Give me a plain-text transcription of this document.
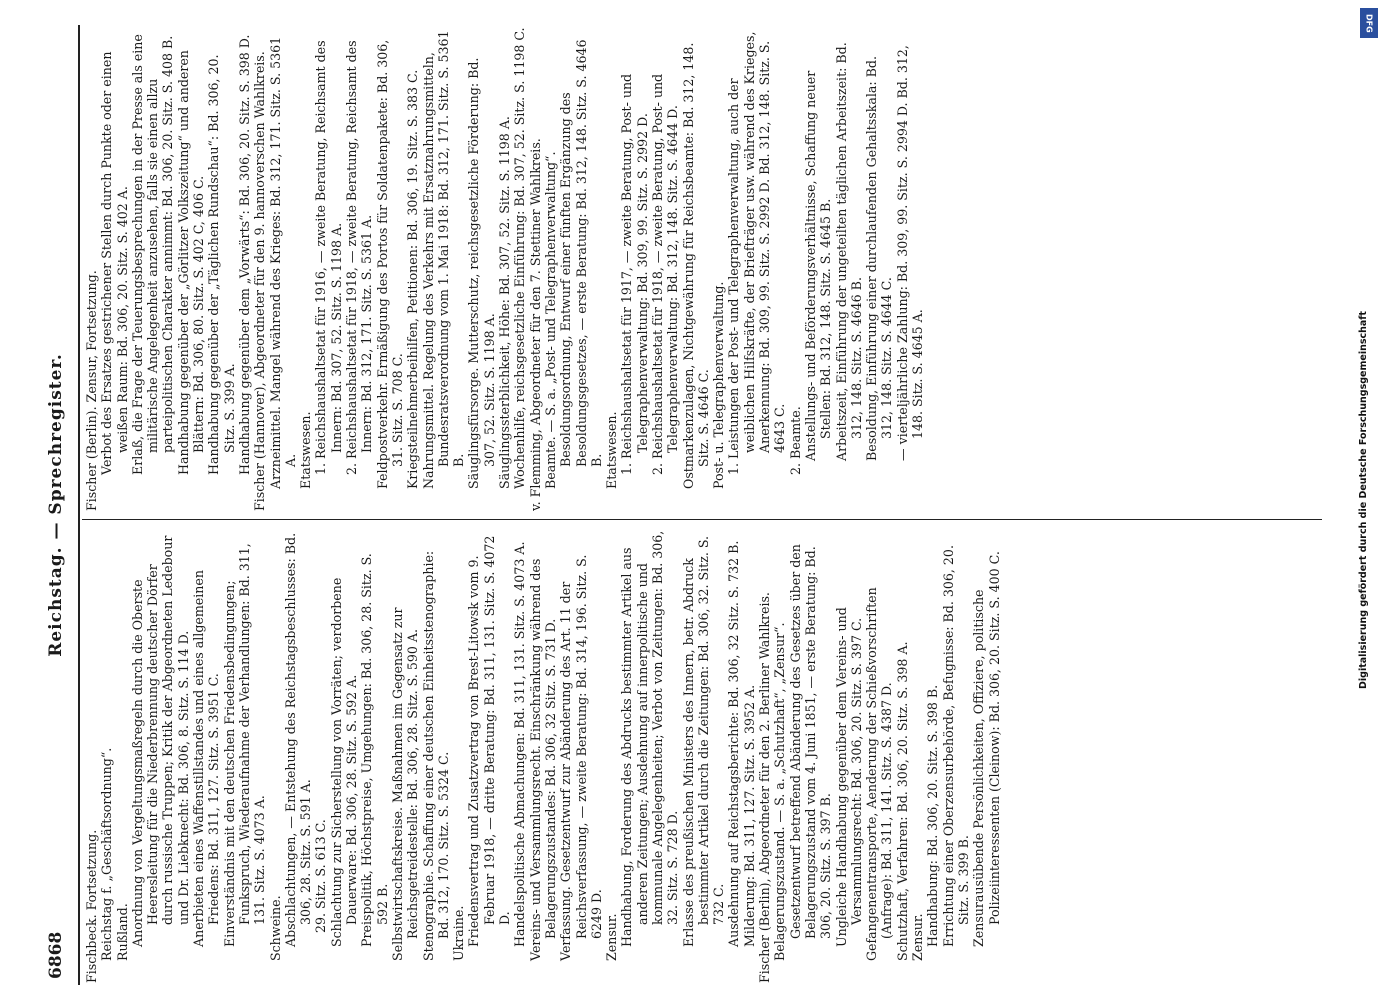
6868
Reichstag. — Sprechregister.

Fischbeck. Fortsetzung. Reichstag f. „Geschäftsordnung“. Rußland. Anordnung von Vergeltungsmaßregeln durch die Oberste Heeresleitung für die Niederbrennung deutscher Dörfer durch russische Truppen; Kritik der Abgeordneten Ledebour und Dr. Liebknecht: Bd. 306, 8. Sitz. S. 114 D. Anerbieten eines Waffenstillstandes und eines allgemeinen Friedens: Bd. 311, 127. Sitz. S. 3951 C. Einverständnis mit den deutschen Friedensbedingungen; Funkspruch, Wiederaufnahme der Verhandlungen: Bd. 311, 131. Sitz. S. 4073 A.

Schweine. Abschlachtungen, — Entstehung des Reichstagsbeschlusses: Bd. 306, 28. Sitz. S. 591 A. 29. Sitz. S. 613 C. Schlachtung zur Sicherstellung von Vorräten; verdorbene Dauerware: Bd. 306, 28. Sitz. S. 592 A. Preispolitik, Höchstpreise, Umgehungen: Bd. 306, 28. Sitz. S. 592 B. Selbstwirtschaftskreise. Maßnahmen im Gegensatz zur Reichsgetreidestelle: Bd. 306, 28. Sitz. S. 590 A. Stenographie. Schaffung einer deutschen Einheitsstenographie: Bd. 312, 170. Sitz. S. 5324 C. Ukraine. Friedensvertrag und Zusatzvertrag von Brest-Litowsk vom 9. Februar 1918, — dritte Beratung: Bd. 311, 131. Sitz. S. 4072 D. Handelspolitische Abmachungen: Bd. 311, 131. Sitz. S. 4073 A. Vereins- und Versammlungsrecht. Einschränkung während des Belagerungszustandes: Bd. 306, 32 Sitz. S. 731 D. Verfassung. Gesetzentwurf zur Abänderung des Art. 11 der Reichsverfassung, — zweite Beratung: Bd. 314, 196. Sitz. S. 6249 D. Zensur. Handhabung, Forderung des Abdrucks bestimmter Artikel aus anderen Zeitungen; Ausdehnung auf innerpolitische und kommunale Angelegenheiten; Verbot von Zeitungen: Bd. 306, 32. Sitz. S. 728 D. Erlasse des preußischen Ministers des Innern, betr. Abdruck bestimmter Artikel durch die Zeitungen: Bd. 306, 32. Sitz. S. 732 C. Ausdehnung auf Reichstagsberichte: Bd. 306, 32 Sitz. S. 732 B. Milderung: Bd. 311, 127. Sitz. S. 3952 A. Fischer (Berlin), Abgeordneter für den 2. Berliner Wahlkreis. Belagerungszustand. — S. a. „Schutzhaft“, „Zensur“. Gesetzentwurf betreffend Abänderung des Gesetzes über den Belagerungszustand vom 4. Juni 1851, — erste Beratung: Bd. 306, 20. Sitz. S. 397 B. Ungleiche Handhabung gegenüber dem Vereins- und Versammlungsrecht: Bd. 306, 20. Sitz. S. 397 C. Gefangenentransporte, Aenderung der Schießvorschriften (Anfrage): Bd. 311, 141. Sitz. S. 4387 D. Schutzhaft, Verfahren: Bd. 306, 20. Sitz. S. 398 A. Zensur. Handhabung: Bd. 306, 20. Sitz. S. 398 B. Errichtung einer Oberzensurbehörde, Befugnisse: Bd. 306, 20. Sitz. S. 399 B. Zensurausübende Persönlichkeiten, Offiziere, politische Polizeiinteressenten (Cleinow): Bd. 306, 20. Sitz. S. 400 C.

Fischer (Berlin). Zensur, Fortsetzung. Verbot des Ersatzes gestrichener Stellen durch Punkte oder einen weißen Raum: Bd. 306, 20. Sitz. S. 402 A. Erlaß, die Frage der Teuerungsbesprechungen in der Presse als eine militärische Angelegenheit anzusehen, falls sie einen allzu parteipolitischen Charakter annimmt: Bd. 306, 20. Sitz. S. 408 B. Handhabung gegenüber der „Görlitzer Volkszeitung“ und anderen Blättern: Bd. 306, 80. Sitz. S. 402 C, 406 C. Handhabung gegenüber der „Täglichen Rundschau“: Bd. 306, 20. Sitz. S. 399 A. Handhabung gegenüber dem „Vorwärts“: Bd. 306, 20. Sitz. S. 398 D. Fischer (Hannover), Abgeordneter für den 9. hannoverschen Wahlkreis. Arzneimittel. Mangel während des Krieges: Bd. 312, 171. Sitz. S. 5361 A. Etatswesen. 1. Reichshaushaltsetat für 1916, — zweite Beratung, Reichsamt des Innern: Bd. 307, 52. Sitz. S. 1198 A. 2. Reichshaushaltsetat für 1918, — zweite Beratung, Reichsamt des Innern: Bd. 312, 171. Sitz. S. 5361 A. Feldpostverkehr. Ermäßigung des Portos für Soldatenpakete: Bd. 306, 31. Sitz. S. 708 C. Kriegsteilnehmerbeihilfen, Petitionen: Bd. 306, 19. Sitz. S. 383 C. Nahrungsmittel. Regelung des Verkehrs mit Ersatznahrungsmitteln, Bundesratsverordnung vom 1. Mai 1918: Bd. 312, 171. Sitz. S. 5361 B. Säuglingsfürsorge. Mutterschutz, reichsgesetzliche Förderung: Bd. 307, 52. Sitz. S. 1198 A. Säuglingssterblichkeit, Höhe: Bd. 307, 52. Sitz. S. 1198 A. Wochenhilfe, reichsgesetzliche Einführung: Bd. 307, 52. Sitz. S. 1198 C. v. Flemming, Abgeordneter für den 7. Stettiner Wahlkreis. Beamte. — S. a. „Post- und Telegraphenverwaltung“. Besoldungsordnung, Entwurf einer fünften Ergänzung des Besoldungsgesetzes, — erste Beratung: Bd. 312, 148. Sitz. S. 4646 B. Etatswesen. 1. Reichshaushaltsetat für 1917, — zweite Beratung, Post- und Telegraphenverwaltung: Bd. 309, 99. Sitz. S. 2992 D. 2. Reichshaushaltsetat für 1918, — zweite Beratung, Post- und Telegraphenverwaltung: Bd. 312, 148. Sitz. S. 4644 D. Ostmarkenzulagen, Nichtgewährung für Reichsbeamte: Bd. 312, 148. Sitz. S. 4646 C. Post- u. Telegraphenverwaltung. 1. Leistungen der Post- und Telegraphenverwaltung, auch der weiblichen Hilfskräfte, der Briefträger usw. während des Krieges, Anerkennung: Bd. 309, 99. Sitz. S. 2992 D. Bd. 312, 148. Sitz. S. 4643 C. 2. Beamte. Anstellungs- und Beförderungsverhältnisse, Schaffung neuer Stellen: Bd. 312, 148. Sitz. S. 4645 B. Arbeitszeit, Einführung der ungeteilten täglichen Arbeitszeit: Bd. 312, 148. Sitz. S. 4646 B. Besoldung, Einführung einer durchlaufenden Gehaltsskala: Bd. 312, 148. Sitz. S. 4644 C. — vierteljährliche Zahlung: Bd. 309, 99. Sitz. S. 2994 D. Bd. 312, 148. Sitz. S. 4645 A.	Digitalisierung gefördert durch die Deutsche Forschungsgemeinschaft
DFG
